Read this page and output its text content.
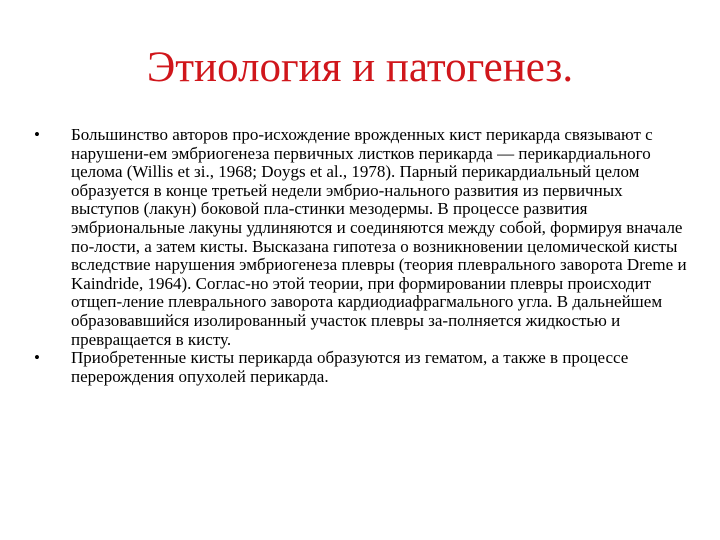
Этиология и патогенез.
• Большинство авторов про-исхождение врожденных кист перикарда связывают с нарушени-ем эмбриогенеза первичных листков перикарда — перикардиального целома (Willis et зi., 1968; Doygs et al., 1978). Парный перикардиальный целом образуется в конце третьей недели эмбрио-нального развития из первичных выступов (лакун) боковой пла-стинки мезодермы. В процессе развития эмбриональные лакуны удлиняются и соединяются между собой, формируя вначале по-лости, а затем кисты. Высказана гипотеза о возникновении целомической кисты вследствие нарушения эмбриогенеза плевры (теория плеврального заворота Dreme и Kaindride, 1964). Соглас-но этой теории, при формировании плевры происходит отщеп-ление плеврального заворота кардиодиафрагмального угла. В дальнейшем образовавшийся изолированный участок плевры за-полняется жидкостью и превращается в кисту.
• Приобретенные кисты перикарда образуются из гематом, а также в процессе перерождения опухолей перикарда.
